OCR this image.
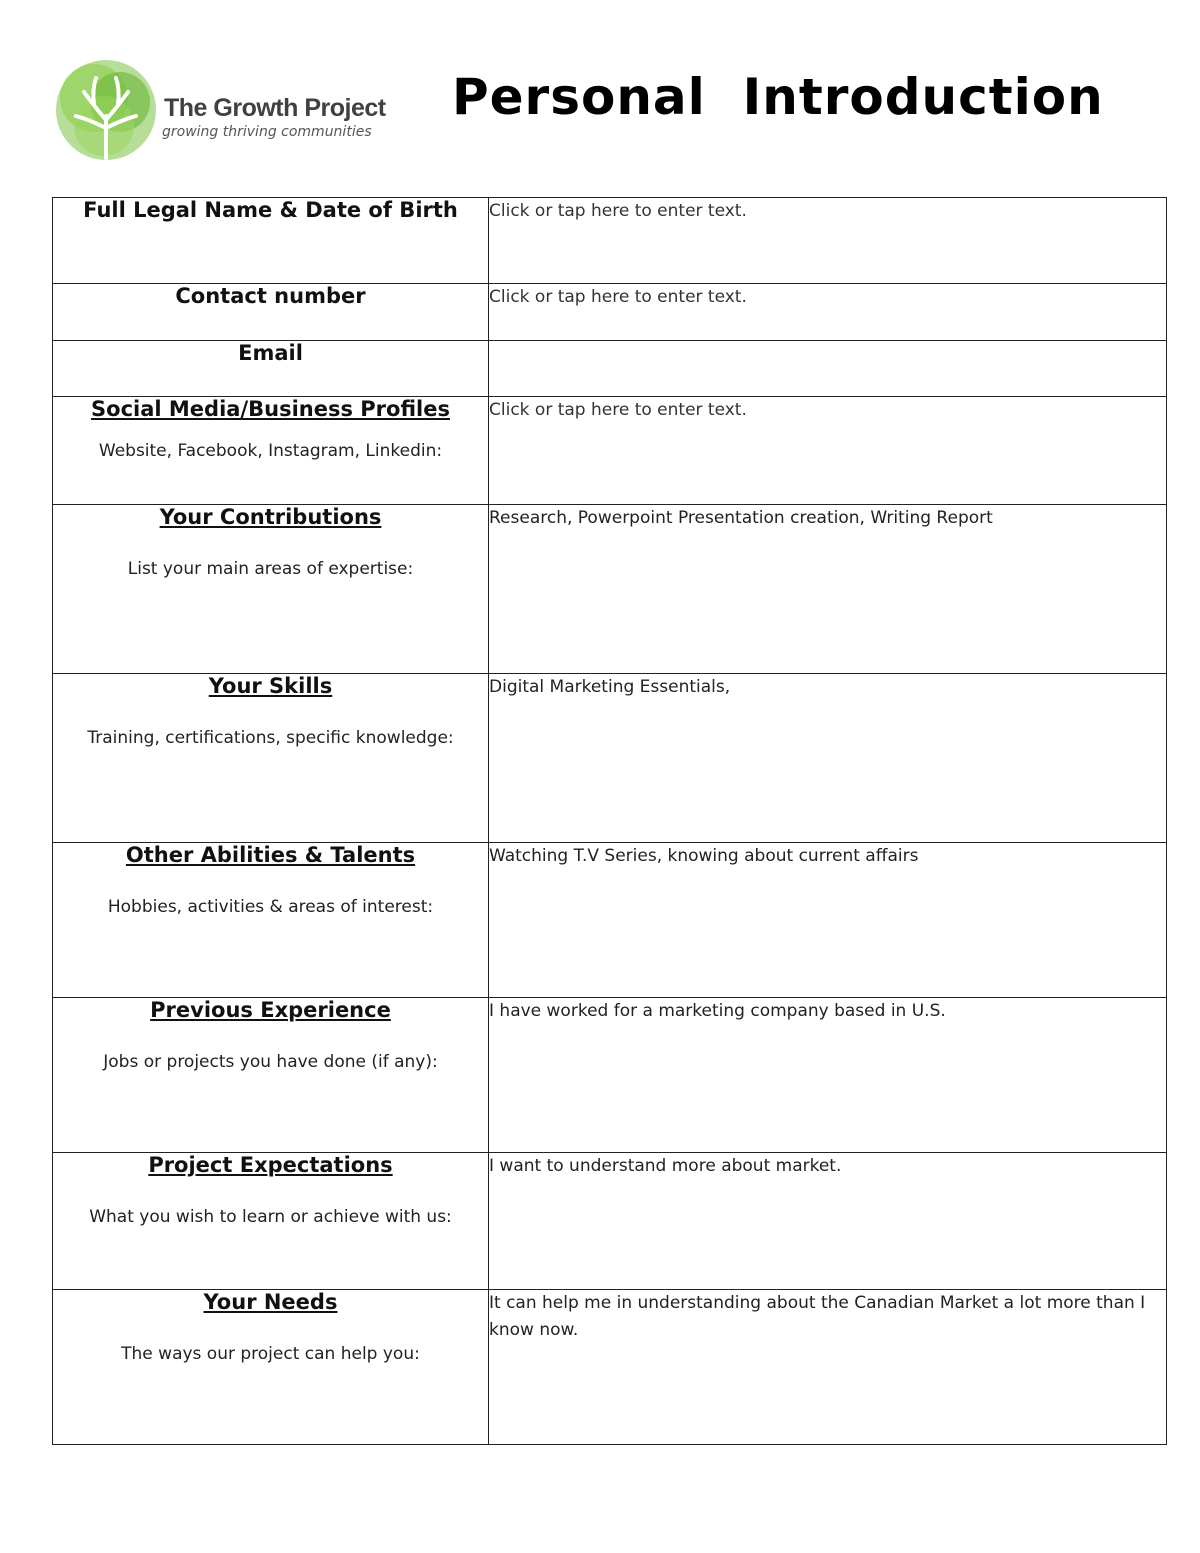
The Growth Project
growing thriving communities
Personal  Introduction
Full Legal Name & Date of Birth	Click or tap here to enter text.

Contact number	Click or tap here to enter text.

Email	

Social Media/Business Profiles
Website, Facebook, Instagram, Linkedin:	Click or tap here to enter text.

Your Contributions
List your main areas of expertise:	Research, Powerpoint Presentation creation, Writing Report

Your Skills
Training, certifications, specific knowledge:	Digital Marketing Essentials,

Other Abilities & Talents
Hobbies, activities & areas of interest:	Watching T.V Series, knowing about current affairs

Previous Experience
Jobs or projects you have done (if any):	I have worked for a marketing company based in U.S.

Project Expectations
What you wish to learn or achieve with us:	I want to understand more about market.

Your Needs
The ways our project can help you:	It can help me in understanding about the Canadian Market a lot more than I know now.
